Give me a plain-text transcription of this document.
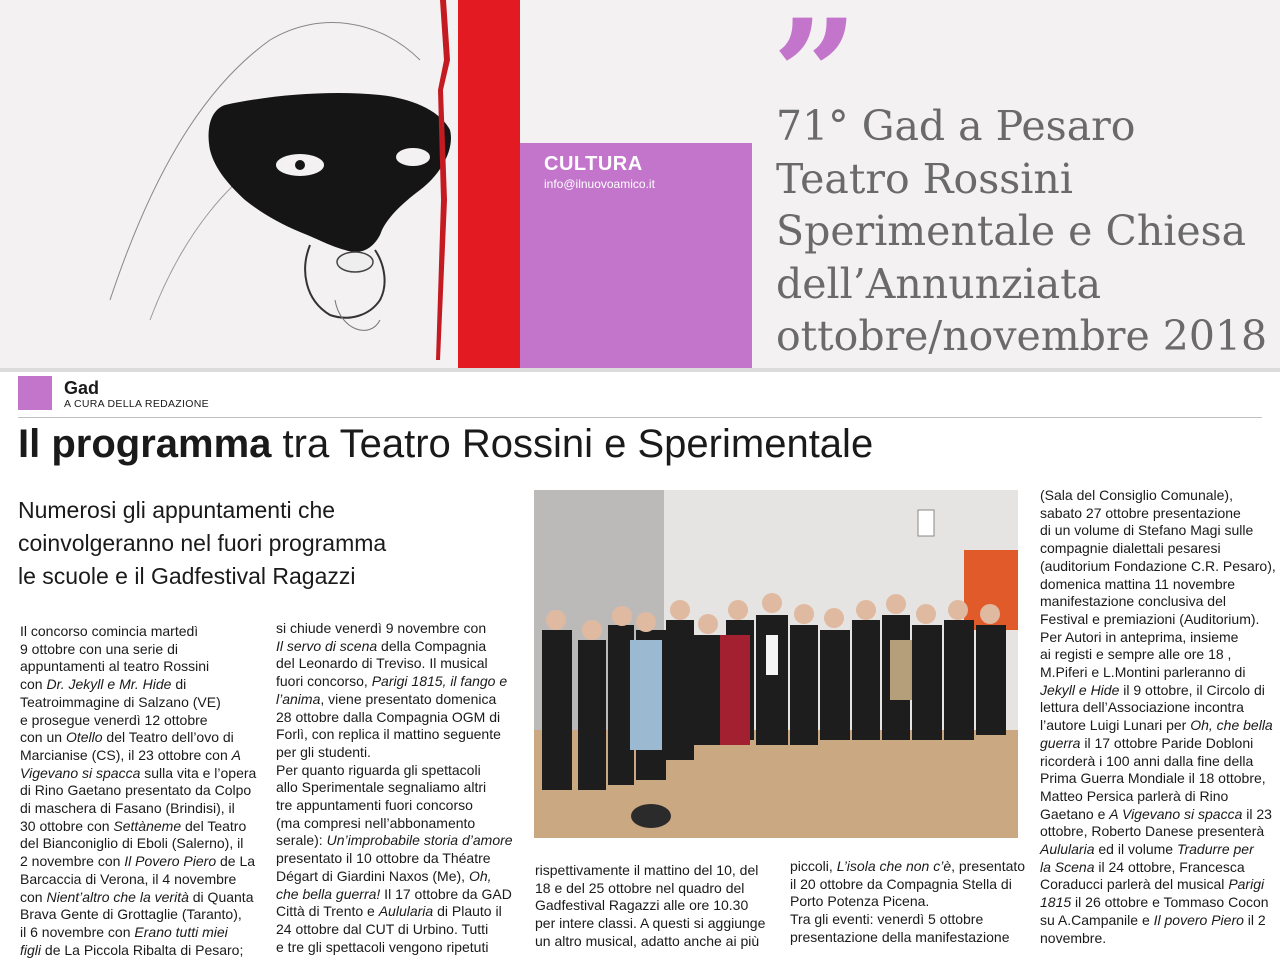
CULTURA
info@ilnuovoamico.it
”
71° Gad a Pesaro
Teatro Rossini
Sperimentale e Chiesa
dell’Annunziata
ottobre/novembre 2018
Gad
A CURA DELLA REDAZIONE
Il programma tra Teatro Rossini e Sperimentale
Numerosi gli appuntamenti che
coinvolgeranno nel fuori programma
le scuole e il Gadfestival Ragazzi
Il concorso comincia martedì
9 ottobre con una serie di
appuntamenti al teatro Rossini
con Dr. Jekyll e Mr. Hide di
Teatroimmagine di Salzano (VE)
e prosegue venerdì 12 ottobre
con un Otello del Teatro dell’ovo di
Marcianise (CS), il 23 ottobre con A
Vigevano si spacca sulla vita e l’opera
di Rino Gaetano presentato da Colpo
di maschera di Fasano (Brindisi), il
30 ottobre con Settàneme del Teatro
del Bianconiglio di Eboli (Salerno), il
2 novembre con Il Povero Piero de La
Barcaccia di Verona, il 4 novembre
con Nient’altro che la verità di Quanta
Brava Gente di Grottaglie (Taranto),
il 6 novembre con Erano tutti miei
figli de La Piccola Ribalta di Pesaro;
si chiude venerdì 9 novembre con
Il servo di scena della Compagnia
del Leonardo di Treviso. Il musical
fuori concorso, Parigi 1815, il fango e
l’anima, viene presentato domenica
28 ottobre dalla Compagnia OGM di
Forlì, con replica il mattino seguente
per gli studenti.
Per quanto riguarda gli spettacoli
allo Sperimentale segnaliamo altri
tre appuntamenti fuori concorso
(ma compresi nell’abbonamento
serale): Un’improbabile storia d’amore
presentato il 10 ottobre da Théatre
Dégart di Giardini Naxos (Me), Oh,
che bella guerra! Il 17 ottobre da GAD
Città di Trento e Aulularia di Plauto il
24 ottobre dal CUT di Urbino. Tutti
e tre gli spettacoli vengono ripetuti
rispettivamente il mattino del 10, del
18 e del 25 ottobre nel quadro del
Gadfestival Ragazzi alle ore 10.30
per intere classi. A questi si aggiunge
un altro musical, adatto anche ai più
piccoli, L’isola che non c’è, presentato
il 20 ottobre da Compagnia Stella di
Porto Potenza Picena.
Tra gli eventi: venerdì 5 ottobre
presentazione della manifestazione
(Sala del Consiglio Comunale),
sabato 27 ottobre presentazione
di un volume di Stefano Magi sulle
compagnie dialettali pesaresi
(auditorium Fondazione C.R. Pesaro),
domenica mattina 11 novembre
manifestazione conclusiva del
Festival e premiazioni (Auditorium).
Per Autori in anteprima, insieme
ai registi e sempre alle ore 18 ,
M.Piferi e L.Montini parleranno di
Jekyll e Hide il 9 ottobre, il Circolo di
lettura dell’Associazione incontra
l’autore Luigi Lunari per Oh, che bella
guerra il 17 ottobre Paride Dobloni
ricorderà i 100 anni dalla fine della
Prima Guerra Mondiale il 18 ottobre,
Matteo Persica parlerà di Rino
Gaetano e A Vigevano si spacca il 23
ottobre, Roberto Danese presenterà
Aulularia ed il volume Tradurre per
la Scena il 24 ottobre, Francesca
Coraducci parlerà del musical Parigi
1815 il 26 ottobre e Tommaso Cocon
su A.Campanile e Il povero Piero il 2
novembre.
